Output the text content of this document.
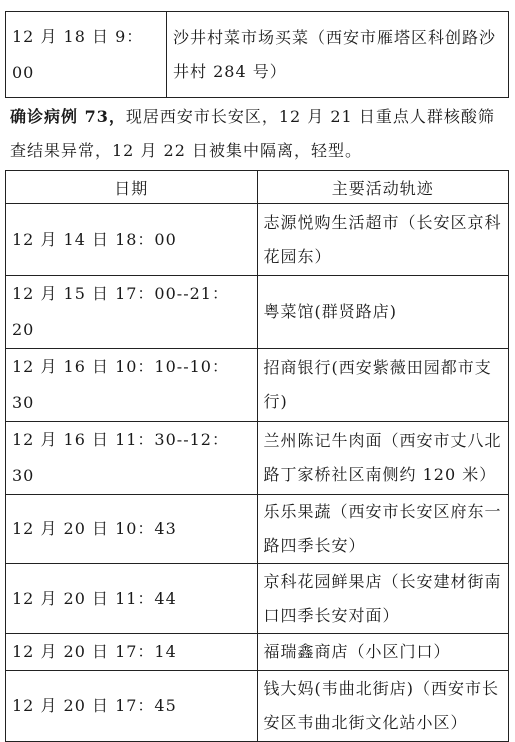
12 月 18 日 9：00	沙井村菜市场买菜（西安市雁塔区科创路沙井村 284 号）

确诊病例 73，现居西安市长安区，12 月 21 日重点人群核酸筛查结果异常，12 月 22 日被集中隔离，轻型。

日期	主要活动轨迹
12 月 14 日 18：00	志源悦购生活超市（长安区京科花园东）
12 月 15 日 17：00--21：20	粤菜馆(群贤路店)
12 月 16 日 10：10--10：30	招商银行(西安紫薇田园都市支行)
12 月 16 日 11：30--12：30	兰州陈记牛肉面（西安市丈八北路丁家桥社区南侧约 120 米）
12 月 20 日 10：43	乐乐果蔬（西安市长安区府东一路四季长安）
12 月 20 日 11：44	京科花园鲜果店（长安建材街南口四季长安对面）
12 月 20 日 17：14	福瑞鑫商店（小区门口）
12 月 20 日 17：45	钱大妈(韦曲北街店)（西安市长安区韦曲北街文化站小区）
